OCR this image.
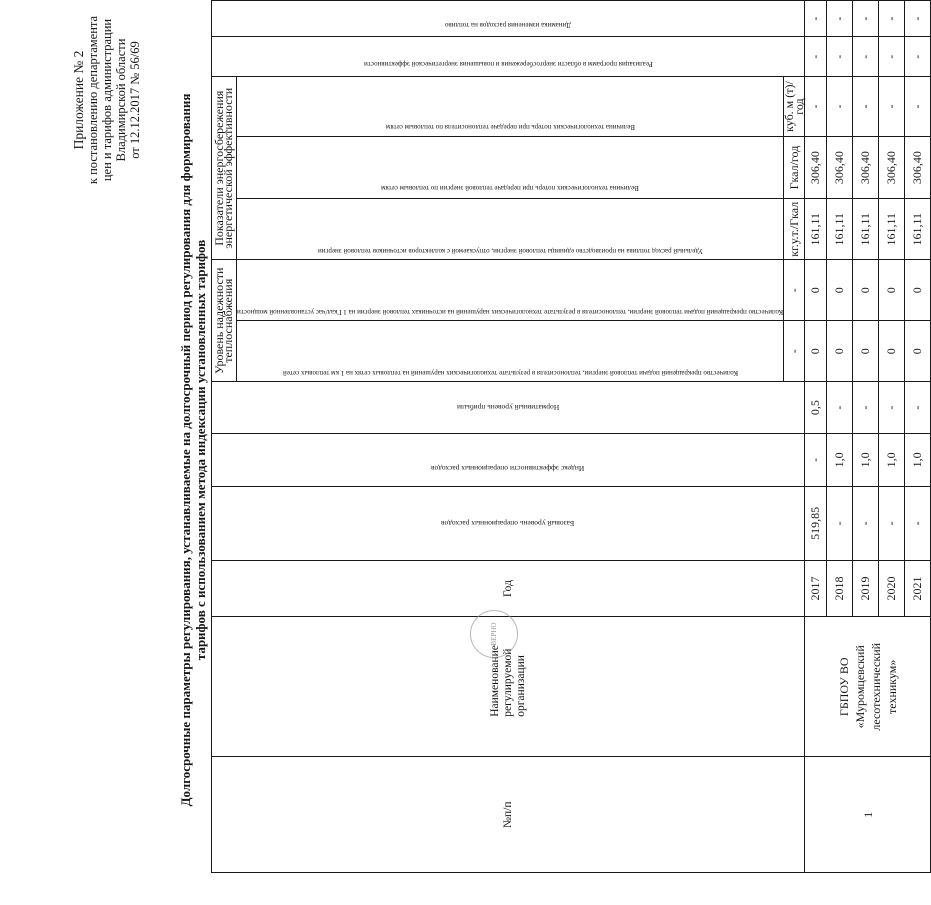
Приложение № 2 к постановлению департамента цен и тарифов администрации Владимирской области от 12.12.2017 № 56/69	Долгосрочные параметры регулирования, устанавливаемые на долгосрочный период регулирования для формирования тарифов с использованием метода индексации установленных тарифов
№п/п	Наименование регулируемой организации	Год	Базовый уровень операционных расходов	Индекс эффективности операционных расходов	Нормативный уровень прибыли	Уровень надежности теплоснабжения		Показатели энергосбережения энергетической эффективности			Реализация программ в области энергосбережения и повышения энергетической эффективности	Динамика изменения расходов на топливо

						Количество прекращений подачи тепловой энергии, теплоносителя в результате технологических нарушений на тепловых сетях на 1 км тепловых сетей	Количество прекращений подачи тепловой энергии, теплоносителя в результате технологических нарушений на источниках тепловой энергии на 1 Гкал/час установленной мощности	Удельный расход топлива на производство единицы тепловой энергии, отпускаемой с коллекторов источников тепловой энергии	Величина технологических потерь при передаче тепловой энергии по тепловым сетям	Величина технологических потерь при передаче теплоносителя по тепловым сетям		

						-	-	кг.у.т./Гкал	Гкал/год	куб. м (т)/год		
1	ГБПОУ ВО «Муромцевский лесотехнический техникум»	2017	519,85	-	0,5	0	0	161,11	306,40	-	-	-
		2018	-	1,0	-	0	0	161,11	306,40	-	-	-
		2019	-	1,0	-	0	0	161,11	306,40	-	-	-
		2020	-	1,0	-	0	0	161,11	306,40	-	-	-
		2021	-	1,0	-	0	0	161,11	306,40	-	-	-
ВЕРНО
